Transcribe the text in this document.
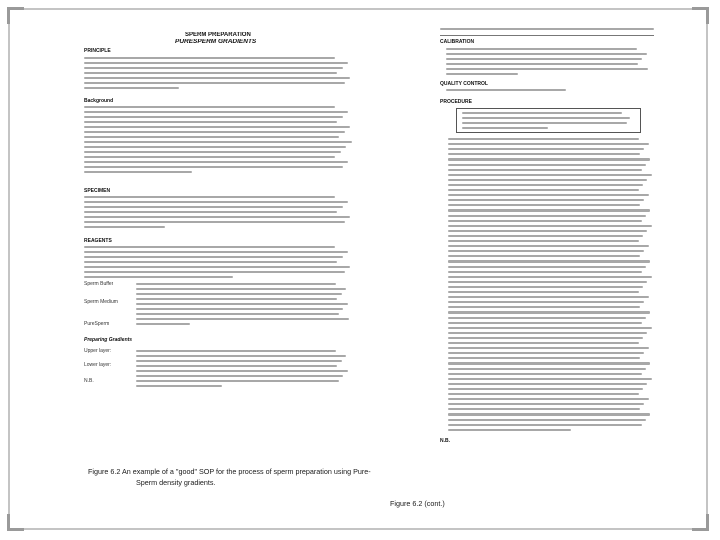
SPERM PREPARATION
PURESPERM GRADIENTS
PRINCIPLE
Background
SPECIMEN
REAGENTS
Sperm Buffer
Sperm Medium
PureSperm
Preparing Gradients
Upper layer:
Lower layer:
N.B.
CALIBRATION
QUALITY CONTROL
PROCEDURE
N.B.
Figure 6.2 An example of a "good" SOP for the process of sperm preparation using Pure-
Sperm density gradients.
Figure 6.2 (cont.)
